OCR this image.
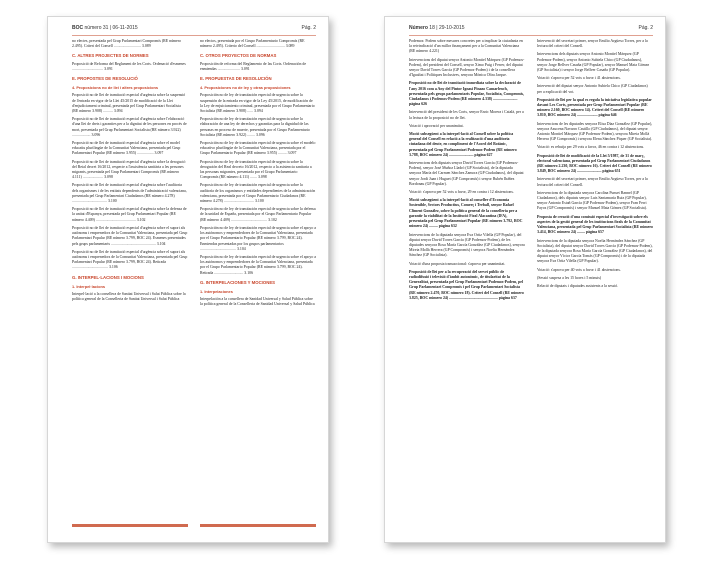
BOC número 31 | 06-11-2015	Pág. 2

no electes, presentada pel Grup Parlamentari Compromís (RE número 2.495). Criteri del Consell ............................ 3.089

C. ALTRES PROJECTES DE NORMES

Proposició de Reforma del Reglament de les Corts. Ordenació d'esmenes ................................ 3.091

E. PROPOSTES DE RESOLUCIÓ

4. Proposicions no de llei i altres proposicions

Proposició no de llei de tramitació especial d'urgència sobre la suspensió de l'entrada en vigor de la Llei 45/2015 de modificació de la Llei d'enjudiciament criminal, presentada pel Grup Parlamentari Socialista (RE número 3.908) .......... 3.094

Proposició no de llei de tramitació especial d'urgència sobre l'elaboració d'una llei de drets i garanties per a la dignitat de les persones en procés de mort, presentada pel Grup Parlamentari Socialista (RE número 3.922) ................... 3.096

Proposició no de llei de tramitació especial d'urgència sobre el model educatiu plurilingüe de la Comunitat Valenciana, presentada pel Grup Parlamentari Popular (RE número 3.955) ................. 3.097

Proposició no de llei de tramitació especial d'urgència sobre la derogació del Reial decret 16/2012, respecte a l'assistència sanitària a les persones migrants, presentada pel Grup Parlamentari Compromís (RE número 4.111) ..................... 3.098

Proposició no de llei de tramitació especial d'urgència sobre l'auditoria dels organismes i de les entitats dependents de l'administració valenciana, presentada pel Grup Parlamentari Ciudadanos (RE número 4.278) .................................... 3.100

Proposició no de llei de tramitació especial d'urgència sobre la defensa de la unitat d'Espanya, presentada pel Grup Parlamentari Popular (RE número 4.409) ......................................... 3.102

Proposició no de llei de tramitació especial d'urgència sobre el suport als autònoms i emprenedors de la Comunitat Valenciana, presentada pel Grup Parlamentari Popular (RE número 3.799, BOC 24). Esmenes presentades pels grups parlamentaris .............................................. 3.104

Proposició no de llei de tramitació especial d'urgència sobre el suport als autònoms i emprenedors de la Comunitat Valenciana, presentada pel Grup Parlamentari Popular (RE número 3.799, BOC 24). Retirada ..................................... 3.106

G. INTERPEL·LACIONS I MOCIONS

1. Interpel·lacions

Interpel·lació a la consellera de Sanitat Universal i Salut Pública sobre la política general de la Conselleria de Sanitat Universal i Salut Pública

no electos, presentada por el Grupo Parlamentario Compromís (RE número 2.495). Criterio del Consell ............................. 3.089

C. OTROS PROYECTOS DE NORMAS

Proposición de reforma del Reglamento de las Corts. Ordenación de enmiendas ....................... 3.091

E. PROPUESTAS DE RESOLUCIÓN

4. Proposiciones no de ley y otras proposiciones

Proposición no de ley de tramitación especial de urgencia sobre la suspensión de la entrada en vigor de la Ley 45/2015, de modificación de la Ley de enjuiciamiento criminal, presentada por el Grupo Parlamentario Socialista (RE número 3.908) ...... 3.094

Proposición no de ley de tramitación especial de urgencia sobre la elaboración de una ley de derechos y garantías para la dignidad de las personas en proceso de muerte, presentada por el Grupo Parlamentario Socialista (RE número 3.922) ........ 3.096

Proposición no de ley de tramitación especial de urgencia sobre el modelo educativo plurilingüe de la Comunitat Valenciana, presentada por el Grupo Parlamentario Popular (RE número 3.955) ......... 3.097

Proposición no de ley de tramitación especial de urgencia sobre la derogación del Real decreto 16/2012, respecto a la asistencia sanitaria a las personas migrantes, presentada por el Grupo Parlamentario Compromís (RE número 4.111) ....... 3.098

Proposición no de ley de tramitación especial de urgencia sobre la auditoría de los organismos y entidades dependientes de la administración valenciana, presentada por el Grupo Parlamentario Ciudadanos (RE número 4.278) ............................... 3.100

Proposición no de ley de tramitación especial de urgencia sobre la defensa de la unidad de España, presentada por el Grupo Parlamentario Popular (RE número 4.409) ..................................... 3.102

Proposición no de ley de tramitación especial de urgencia sobre el apoyo a los autónomos y emprendedores de la Comunitat Valenciana, presentada por el Grupo Parlamentario Popular (RE número 3.799, BOC 24). Enmiendas presentadas por los grupos parlamentarios ..................................... 3.104

Proposición no de ley de tramitación especial de urgencia sobre el apoyo a los autónomos y emprendedores de la Comunitat Valenciana, presentada por el Grupo Parlamentario Popular (RE número 3.799, BOC 24). Retirada .............................. 3.106

G. INTERPELACIONES Y MOCIONES

1. Interpelaciones

Interpelación a la consellera de Sanidad Universal y Salud Pública sobre la política general de la Conselleria de Sanidad Universal y Salud Pública

Número 18 | 29-10-2015	Pág. 2

Podemos: Podem sobre mesures concretes per a implicar la ciutadania en la reivindicació d'un millor finançament per a la Comunitat Valenciana (RE número 4.221)

Intervencions del diputat senyor Antonio Montiel Márquez (GP Podemos-Podem), del president del Consell, senyor Ximo Puig i Ferrer, del diputat senyor David Torres García (GP Podemos-Podem) i de la consellera d'Igualtat i Polítiques Inclusives, senyora Mònica Oltra Jarque.

Proposició no de llei de tramitació immediata sobre la declaració de l'any 2016 com a Any del Pintor Ignasi Pinazo Camarlench, presentada pels grups parlamentaris Popular, Socialista, Compromís, Ciudadanos i Podemos-Podem (RE número 4.338) ......................... pàgina 626

Intervenció del president de les Corts, senyor Enric Morera i Català, per a la lectura de la proposició no de llei.

Votació i aprovació per unanimitat.

Moció subsegüent a la interpel·lació al Consell sobre la política general del Consell en relació a la realització d'una auditoria ciutadana del deute, en compliment de l'Acord del Botànic, presentada pel Grup Parlamentari Podemos-Podem (RE número 3.788, BOC número 24) ......................... pàgina 627

Intervencions dels diputats senyor David Torres García (GP Podemos-Podem), senyor José Muñoz Lladró (GP Socialista), de la diputada senyora María del Carmen Sánchez Zamora (GP Ciudadanos), del diputat senyor Jordi Juan i Huguet (GP Compromís) i senyor Rubén Ibáñez Bordonau (GP Popular).

Votació: s'aprova per 52 vots a favor, 29 en contra i 12 abstencions.

Moció subsegüent a la interpel·lació al conseller d'Economia Sostenible, Sectors Productius, Comerç i Treball, senyor Rafael Climent González, sobre la política general de la conselleria per a garantir la viabilitat de la Institució Firal Alacantina (IFA), presentada pel Grup Parlamentari Popular (RE número 3.792, BOC número 24) ......... pàgina 632

Intervencions de la diputada senyora Eva Ortiz Vilella (GP Popular), del diputat senyor David Torres García (GP Podemos-Podem), de les diputades senyora Rosa María García González (GP Ciudadanos), senyora Mireia Mollà Herrera (GP Compromís) i senyora Noelia Hernández Sánchez (GP Socialista).

Votació d'una proposta transaccional: s'aprova per unanimitat.

Proposició de llei per a la recuperació del servei públic de radiodifusió i televisió d'àmbit autonòmic, de titularitat de la Generalitat, presentada pel Grup Parlamentari Podemos-Podem, pel Grup Parlamentari Compromís i pel Grup Parlamentari Socialista (RE número 2.470, BOC número 18). Criteri del Consell (RE número 3.825, BOC número 24) .................................................. pàgina 637

Intervenció del secretari primer, senyor Emilio Argüeso Torres, per a la lectura del criteri del Consell.

Intervencions dels diputats senyor Antonio Montiel Márquez (GP Podemos-Podem), senyor Antonio Subiela Chico (GP Ciudadanos), senyor Jorge Bellver Casaña (GP Popular), senyor Manuel Mata Gómez (GP Socialista) i senyor Jorge Bellver Casaña (GP Popular).

Votació: s'aprova per 52 vots a favor i 41 abstencions.

Intervenció del diputat senyor Antonio Subiela Chico (GP Ciudadanos) per a explicació del vot.

Proposició de llei per la qual es regula la iniciativa legislativa popular davant Les Corts, presentada per Grup Parlamentari Popular (RE número 2.160, BOC número 14). Criteri del Consell (RE número 3.810, BOC número 24) ..................... pàgina 646

Intervencions de les diputades senyora Elisa Díaz González (GP Popular), senyora Azucena Navarro Castillo (GP Ciudadanos), del diputat senyor Antonio Montiel Márquez (GP Podemos-Podem), senyora Mireia Mollà Herrera (GP Compromís) i senyora Elena Sánchez Piquer (GP Socialista).

Votació: es rebutja per 29 vots a favor, 46 en contra i 12 abstencions.

Proposició de llei de modificació de la Llei 5/1987, de 31 de març, electoral valenciana, presentada pel Grup Parlamentari Ciudadanos (RE número 2.230, BOC número 16). Criteri del Consell (RE número 3.849, BOC número 24) ......................... pàgina 651

Intervenció del secretari primer, senyor Emilio Argüeso Torres, per a la lectura del criteri del Consell.

Intervencions de la diputada senyora Carolina Punset Bannel (GP Ciudadanos), dels diputats senyor Luis Santamaría Ruiz (GP Popular), senyor Antonio Estañ García (GP Podemos-Podem), senyor Fran Ferri Fayos (GP Compromís) i senyor Manuel Mata Gómez (GP Socialista).

Proposta de creació d'una comissió especial d'investigació sobre els aspectes de la gestió general de les institucions firals de la Comunitat Valenciana, presentada pel Grup Parlamentari Socialista (RE número 3.414, BOC número 24) ........ pàgina 657

Intervencions de la diputada senyora Noelia Hernández Sánchez (GP Socialista), del diputat senyor David Torres García (GP Podemos-Podem), de la diputada senyora Rosa María García González (GP Ciudadanos), del diputat senyor Víctor García Tomás (GP Compromís) i de la diputada senyora Eva Ortiz Vilella (GP Popular).

Votació: s'aprova per 40 vots a favor i 41 abstencions.

(Sessió suspesa a les 15 hores i 5 minuts)

Relació de diputats i diputades assistents a la sessió.
